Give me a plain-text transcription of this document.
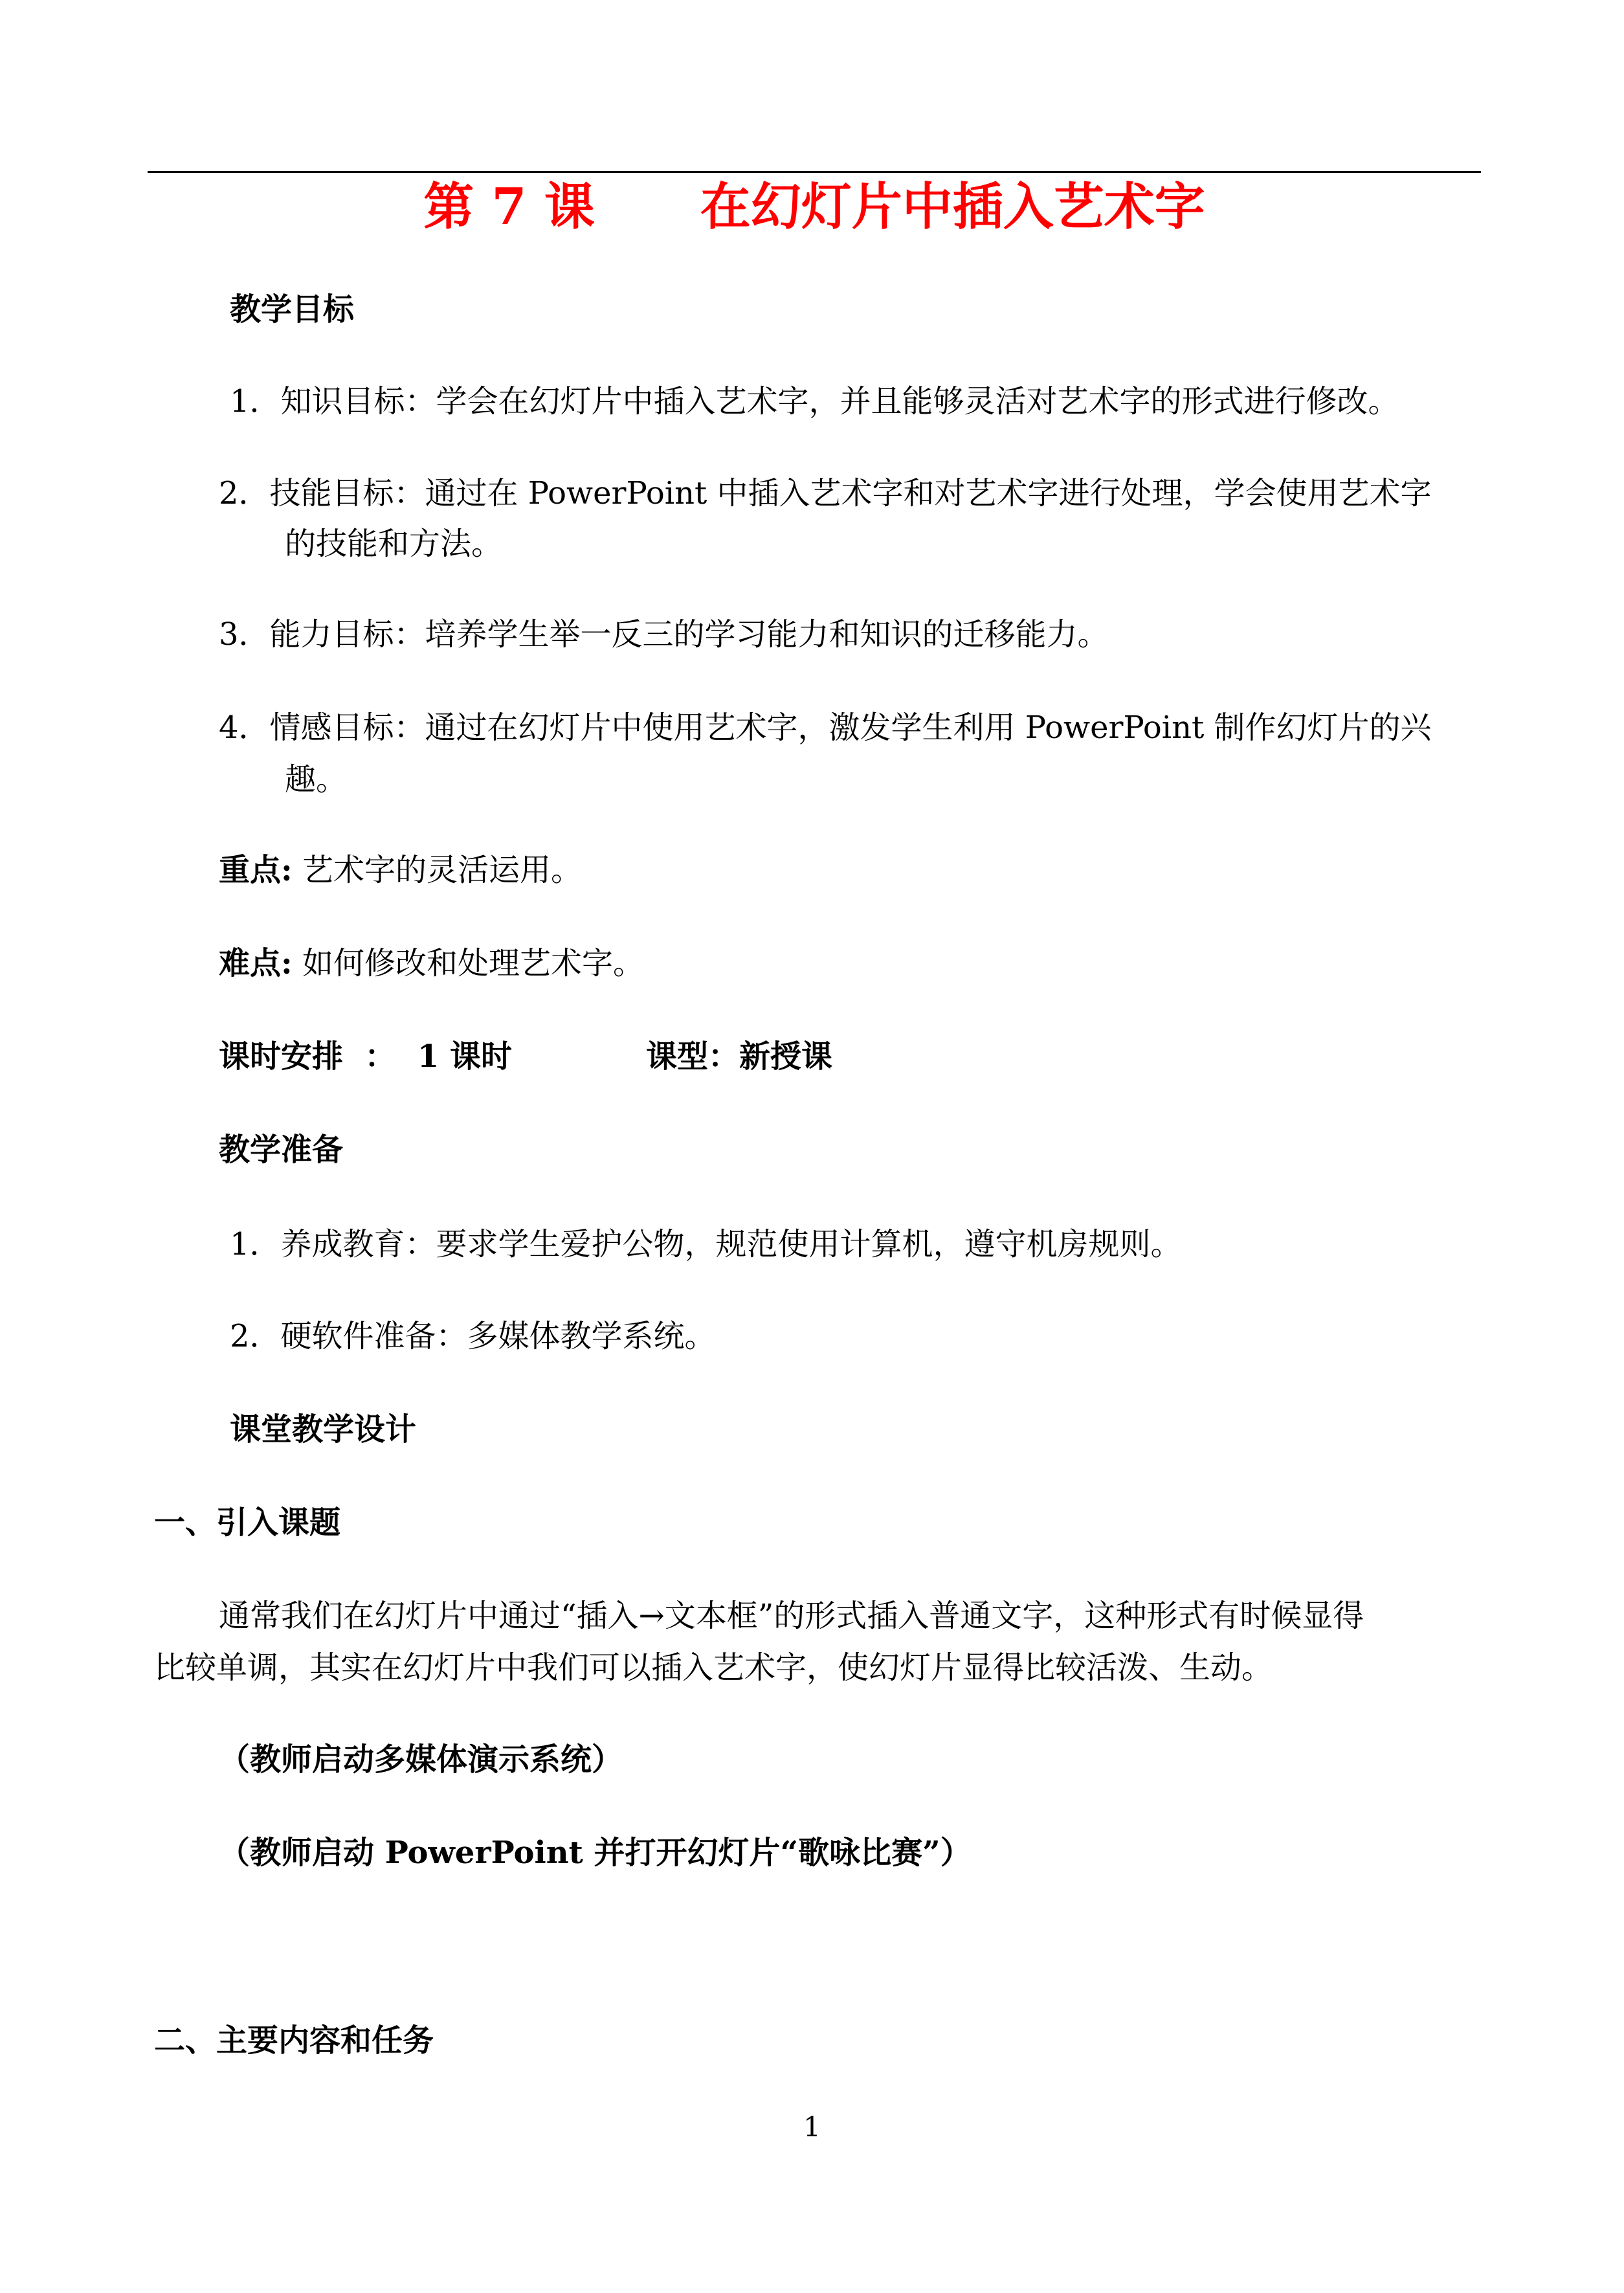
第 7 课      在幻灯片中插入艺术字
教学目标
1．知识目标：学会在幻灯片中插入艺术字，并且能够灵活对艺术字的形式进行修改。
2．技能目标：通过在 PowerPoint 中插入艺术字和对艺术字进行处理，学会使用艺术字
的技能和方法。
3．能力目标：培养学生举一反三的学习能力和知识的迁移能力。
4．情感目标：通过在幻灯片中使用艺术字，激发学生利用 PowerPoint 制作幻灯片的兴
趣。
重点: 艺术字的灵活运用。
难点: 如何修改和处理艺术字。
课时安排  ：  1 课时	课型：新授课
教学准备
1．养成教育：要求学生爱护公物，规范使用计算机，遵守机房规则。
2．硬软件准备：多媒体教学系统。
课堂教学设计
一、引入课题
通常我们在幻灯片中通过“插入→文本框”的形式插入普通文字，这种形式有时候显得
比较单调，其实在幻灯片中我们可以插入艺术字，使幻灯片显得比较活泼、生动。
（教师启动多媒体演示系统）
（教师启动 PowerPoint 并打开幻灯片“歌咏比赛”）
二、主要内容和任务
1
